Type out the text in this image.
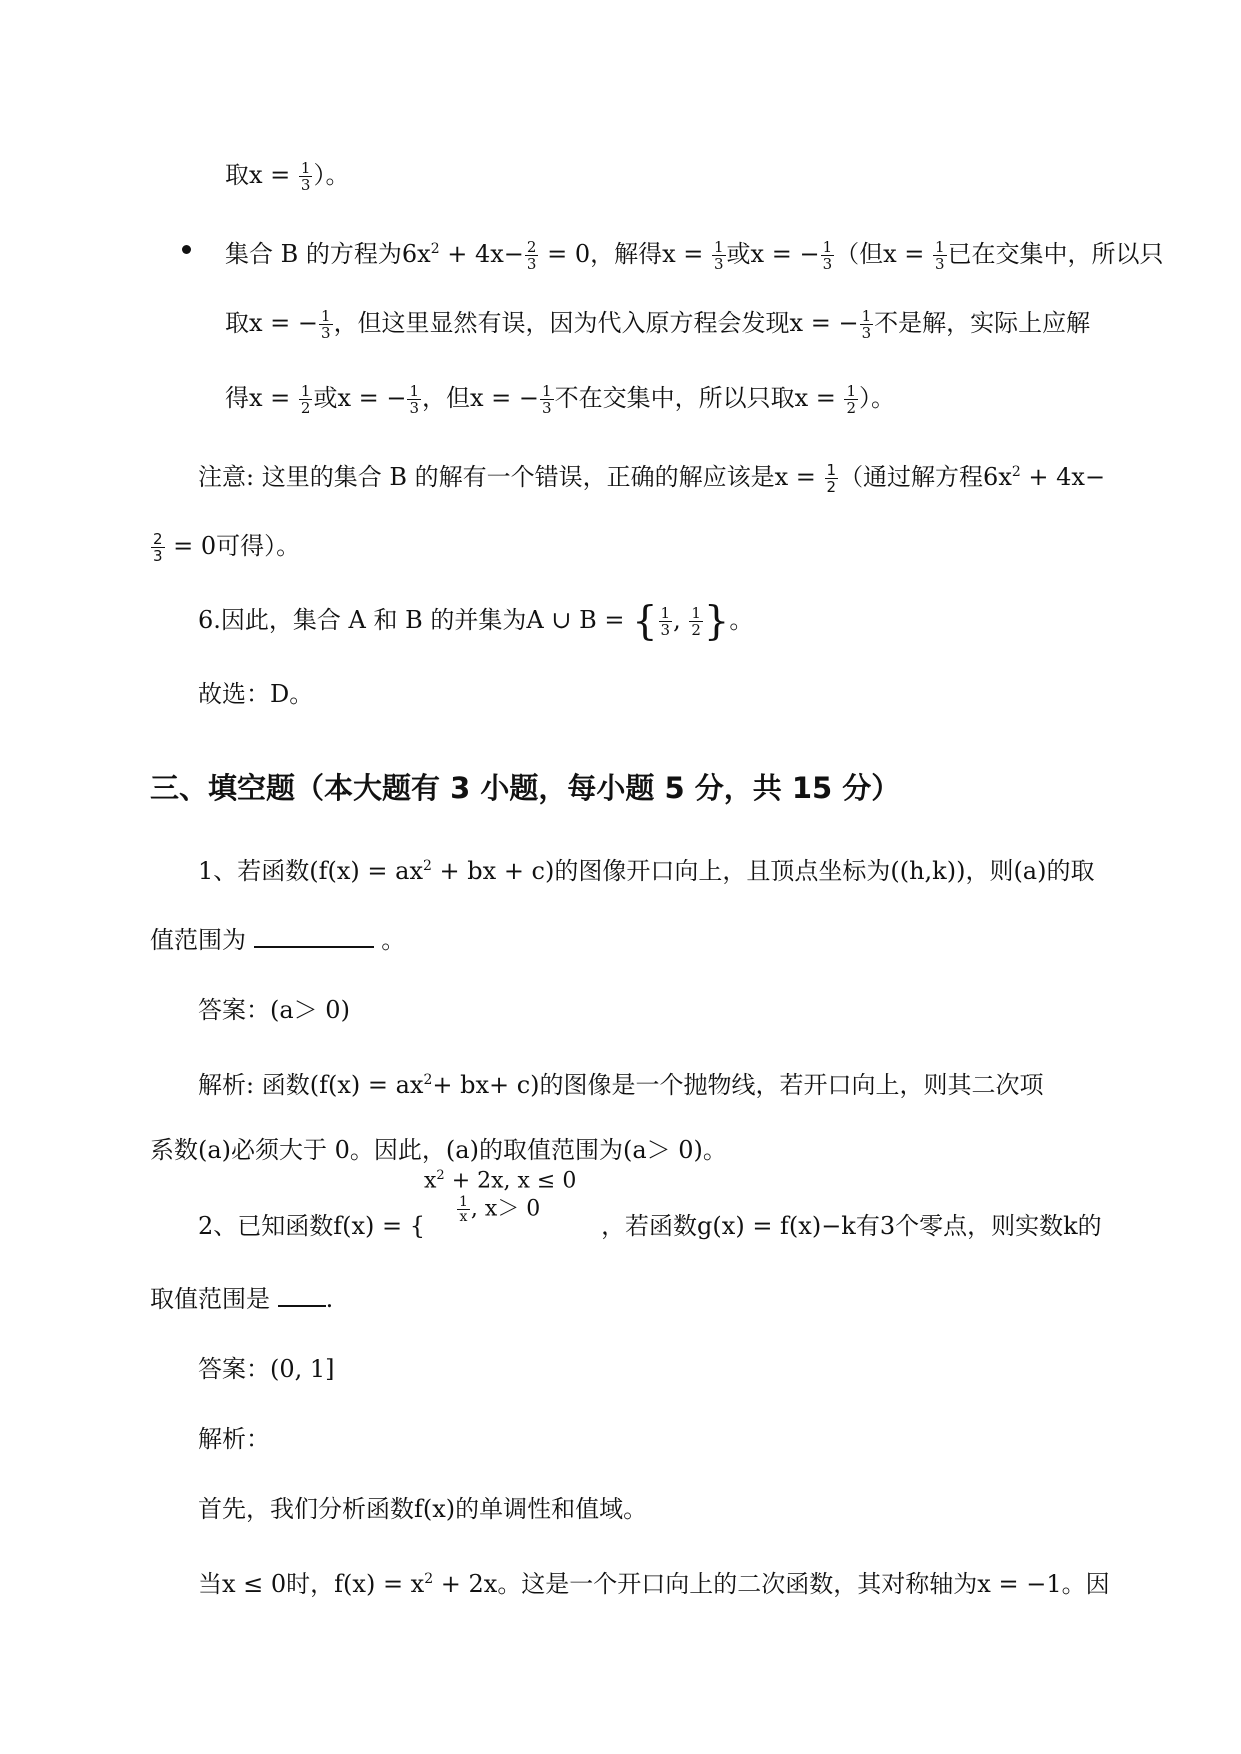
取$x = \frac{1}{3}$ ）。
集合 B 的方程为$6x^2 + 4x- \frac{2}{3} = 0$，解得$x = \frac{1}{3}$ 或x = − $\frac{1}{3}$ （但$x = \frac{1}{3}$ 已在交集中，所以只
取x = − $\frac{1}{3}$ ，但这里显然有误，因为代入原方程会发现x = − $\frac{1}{3}$ 不是解，实际上应解
得$x = \frac{1}{2}$ 或x = − $\frac{1}{3}$ ，但x = − $\frac{1}{3}$ 不在交集中，所以只取$x = \frac{1}{2}$ ）。
注意: 这里的集合 B 的解有一个错误，正确的解应该是$x = \frac{1}{2}$ （通过解方程$6x^2 + 4x-$
$\frac{2}{3} = 0$可得）。
6.因此，集合 A 和 B 的并集为A ∪ B = { $\frac{1}{3}$ , $\frac{1}{2}$ }。
故选：D。
三、填空题（本大题有 3 小题，每小题 5 分，共 15 分）
1、若函数($f(x) = ax^2$ + bx + c)的图像开口向上，且顶点坐标为((h,k))，则(a)的取
值范围为	。
答案：(a＞ 0)
解析: 函数$(f(x) = ax^2+ bx+ c)$的图像是一个抛物线，若开口向上，则其二次项
系数(a)必须大于 0。因此，(a)的取值范围为(a＞ 0)。
2、已知函数f(x) = {	，若函数g(x) = f(x)−k有3个零点，则实数k的
$x^2 + 2x$, x ≤ 0
$\frac{1}{x}$ , x＞ 0
取值范围是 .
答案：(0, 1]
解析：
首先，我们分析函数f(x)的单调性和值域。
当x ≤ 0时，$f(x) = x^2 + 2x$。这是一个开口向上的二次函数，其对称轴为x = −1。因
